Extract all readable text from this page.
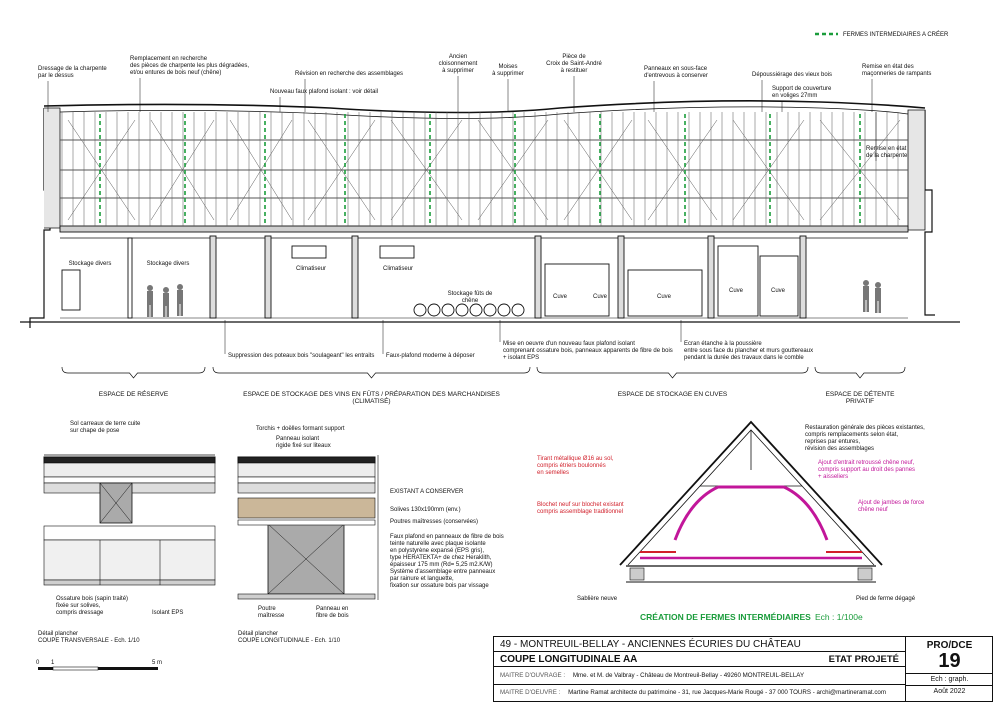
FERMES INTERMEDIAIRES A CRÉER
Dressage de la charpente par le dessus
Remplacement en recherche des pièces de charpente les plus dégradées, et/ou entures de bois neuf (chêne)	Révision en recherche des assemblages
Nouveau faux plafond isolant : voir détail
Ancien cloisonnement à supprimer
Moises à supprimer
Pièce de Croix de Saint-André à restituer	Panneaux en sous-face d'entrevous à conserver	Dépoussiérage des vieux bois
Support de couverture en voliges 27mm
Remise en état des maçonneries de rampants
Remise en état de la charpente
Stockage divers	Stockage divers
Climatiseur	Climatiseur
Stockage fûts de chêne
Cuve	Cuve	Cuve
Cuve	Cuve
Suppression des poteaux bois "soulageant" les entraits Faux-plafond moderne à déposer
Mise en oeuvre d'un nouveau faux plafond isolant comprenant ossature bois, panneaux apparents de fibre de bois + isolant EPS
Ecran étanche à la poussière entre sous face du plancher et murs gouttereaux pendant la durée des travaux dans le comble
ESPACE DE RÉSERVE	ESPACE DE STOCKAGE DES VINS EN FÛTS / PRÉPARATION DES MARCHANDISES (CLIMATISÉ)
ESPACE DE STOCKAGE EN CUVES	ESPACE DE DÉTENTE PRIVATIF
Sol carreaux de terre cuite sur chape de pose
Ossature bois (sapin traité) fixée sur solives, compris dressage	Isolant EPS
Détail plancher COUPE TRANSVERSALE - Ech. 1/10
Torchis + doëlles formant support
Panneau isolant rigide fixé sur liteaux
Poutre maîtresse
Panneau en fibre de bois
Détail plancher COUPE LONGITUDINALE - Ech. 1/10
EXISTANT A CONSERVER
Solives 130x190mm (env.)
Poutres maîtresses (conservées)
Faux plafond en panneaux de fibre de bois teinte naturelle avec plaque isolante en polystyrène expansé (EPS gris), type HERATEKTA+ de chez Heraklith, épaisseur 175 mm (Rd= 5,25 m2.K/W) Système d'assemblage entre panneaux par rainure et languette, fixation sur ossature bois par vissage
Restauration générale des pièces existantes, compris remplacements selon état, reprises par entures, révision des assemblages
Sablière neuve	Pied de ferme dégagé
Tirant métallique Ø16 au sol, compris étriers boulonnés en semelles
Blochet neuf sur blochet existant compris assemblage traditionnel
Ajout d'entrait retroussé chêne neuf, compris support au droit des pannes + aisseliers
Ajout de jambes de force chêne neuf
CRÉATION DE FERMES INTERMÉDIAIRES Ech : 1/100e
0 1	5 m
49 - MONTREUIL-BELLAY - ANCIENNES ÉCURIES DU CHÂTEAU
COUPE LONGITUDINALE AA	ETAT PROJETÉ
MAITRE D'OUVRAGE : Mme. et M. de Valbray - Château de Montreuil-Bellay - 49260 MONTREUIL-BELLAY
MAITRE D'OEUVRE : Martine Ramat architecte du patrimoine - 31, rue Jacques-Marie Rougé - 37 000 TOURS - archi@martineramat.com
PRO/DCE
19
Ech : graph.
Août 2022
